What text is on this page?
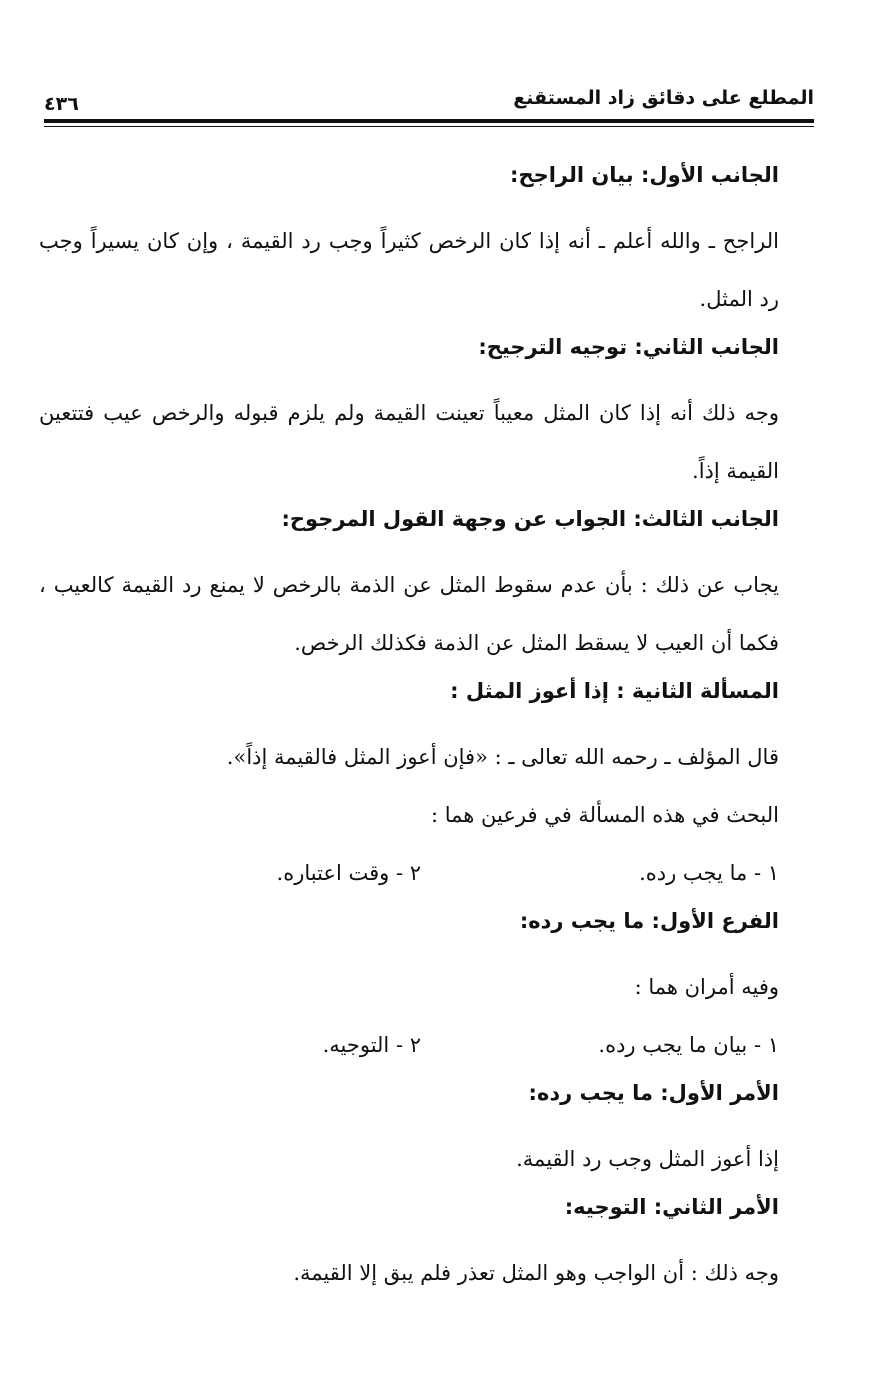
المطلع على دقائق زاد المستقنع
٤٣٦
الجانب الأول: بيان الراجح:

الراجح ـ والله أعلم ـ أنه إذا كان الرخص كثيراً وجب رد القيمة ، وإن كان يسيراً وجب رد المثل.

الجانب الثاني: توجيه الترجيح:

وجه ذلك أنه إذا كان المثل معيباً تعينت القيمة ولم يلزم قبوله والرخص عيب فتتعين القيمة إذاً.

الجانب الثالث: الجواب عن وجهة القول المرجوح:

يجاب عن ذلك : بأن عدم سقوط المثل عن الذمة بالرخص لا يمنع رد القيمة كالعيب ، فكما أن العيب لا يسقط المثل عن الذمة فكذلك الرخص.

المسألة الثانية : إذا أعوز المثل :

قال المؤلف ـ رحمه الله تعالى ـ : «فإن أعوز المثل فالقيمة إذاً».

البحث في هذه المسألة في فرعين هما :

١ - ما يجب رده.
٢ - وقت اعتباره.
الفرع الأول: ما يجب رده:

وفيه أمران هما :

١ - بيان ما يجب رده.
٢ - التوجيه.
الأمر الأول: ما يجب رده:

إذا أعوز المثل وجب رد القيمة.

الأمر الثاني: التوجيه:

وجه ذلك : أن الواجب وهو المثل تعذر فلم يبق إلا القيمة.
